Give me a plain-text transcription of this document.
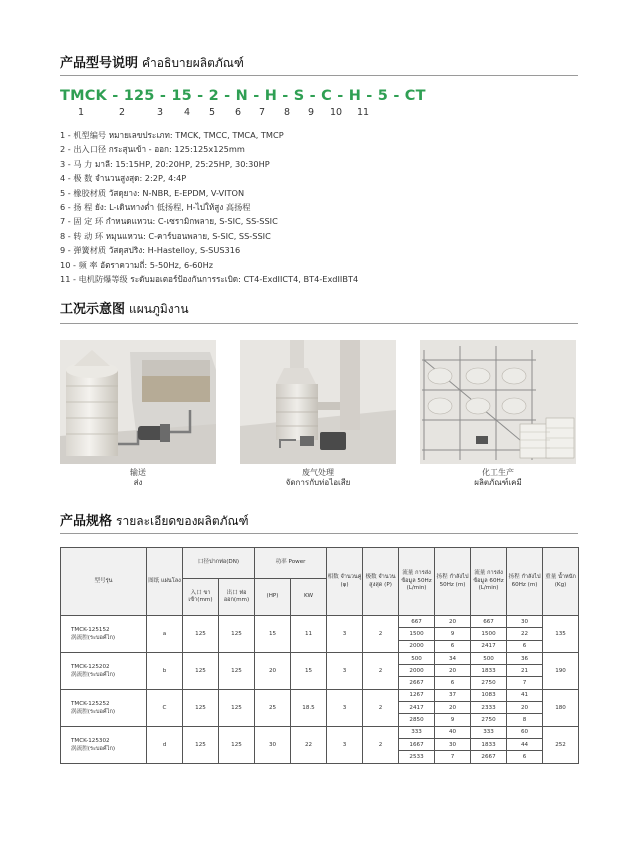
产品型号说明 คำอธิบายผลิตภัณฑ์
TMCK - 125 - 15 - 2 - N - H - S - C - H - 5 - CT
1	2	3 4 5 6 7 8 9 10 11
1 - 机型编号 หมายเลขประเภท: TMCK, TMCC, TMCA, TMCP
2 - 出入口径 กระสุนเข้า - ออก: 125:125x125mm
3 - 马 力 มาลี: 15:15HP, 20:20HP, 25:25HP, 30:30HP
4 - 极 数 จำนวนสูงสุด: 2:2P, 4:4P
5 - 橡胶材质 วัสดุยาง: N-NBR, E-EPDM, V-VITON
6 - 扬 程 ยัง: L-เดินทางต่ำ 低扬程, H-ไปให้สูง 高扬程
7 - 固 定 环 กำหนดแหวน: C-เซรามิกพลาย, S-SIC, SS-SSIC
8 - 转 动 环 หมุนแหวน: C-คาร์บอนพลาย, S-SIC, SS-SSIC
9 - 弹簧材质 วัสดุสปริง: H-Hastelloy, S-SUS316
10 - 频 率 อัตราความถี่: 5-50Hz, 6-60Hz
11 - 电机防爆等级 ระดับมอเตอร์ป้องกันการระเบิด: CT4-ExdIICT4, BT4-ExdIIBT4
工况示意图 แผนภูมิงาน
输送
ส่ง
废气处理
จัดการกับท่อไอเสีย
化工生产
ผลิตภัณฑ์เคมี
产品规格 รายละเอียดของผลิตภัณฑ์
型号รุ่น	图纸 แผ่นโลง	口径ปากท่อ(DN)		功率 Power		相数 จำนวนคู่ (φ)	极数 จำนวนสูงสุด (P)	流量 การส่งข้อมูล 50Hz (L/min)	扬程 กำลังไป 50Hz (m)	流量 การส่งข้อมูล 60Hz (L/min)	扬程 กำลังไป 60Hz (m)	重量 น้ำหนัก (Kg)
		入口 ขาเข้า(mm)	出口 ท่อออก(mm)	(HP)	KW							

TMCK-125152
涡流腔(ระบอค์ไก)	a	125	125	15	11	3	2	667	20	667	30	135
								1500	9	1500	22	
								2000	6	2417	6	

TMCK-125202
涡流腔(ระบอค์ไก)	b	125	125	20	15	3	2	500	34	500	36	190
								2000	20	1833	21	
								2667	6	2750	7	

TMCK-125252
涡流腔(ระบอค์ไก)	C	125	125	25	18.5	3	2	1267	37	1083	41	180
								2417	20	2333	20	
								2850	9	2750	8	

TMCK-125302
涡流腔(ระบอค์ไก)	d	125	125	30	22	3	2	333	40	333	60	252
								1667	30	1833	44	
								2533	7	2667	6	
